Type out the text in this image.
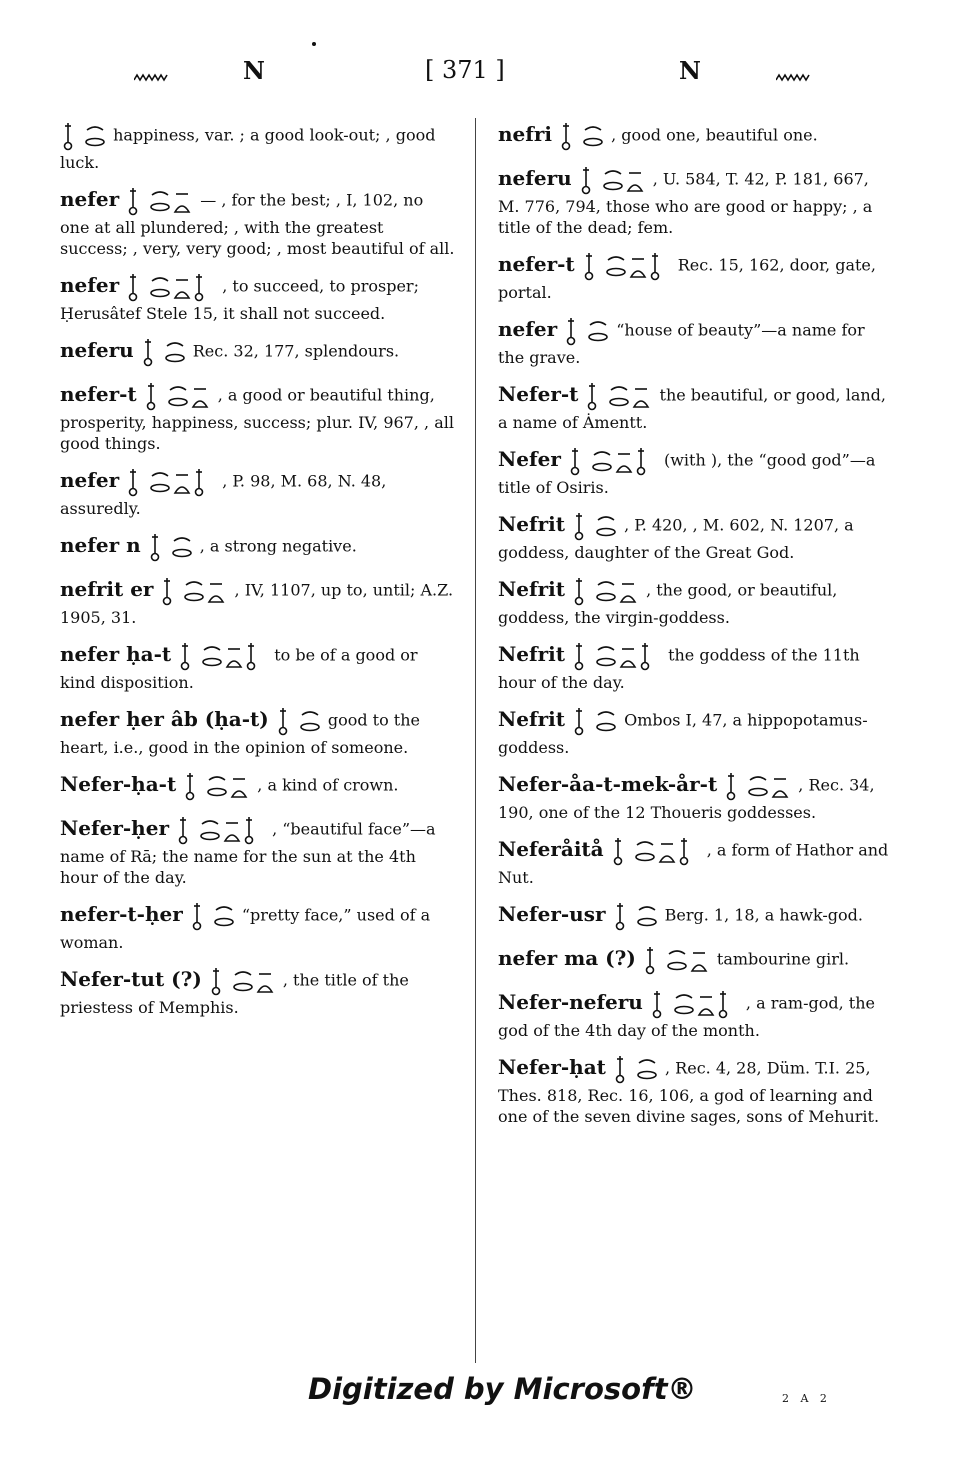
N	[ 371 ]	N
happiness, var. ; a good look-out; , good luck.
nefer	— , for the best; , I, 102, no one at all plundered; , with the greatest success; , very, very good; , most beautiful of all.
nefer	, to succeed, to prosper; Ḥerusâtef Stele 15, it shall not succeed.
neferu	Rec. 32, 177, splendours.
nefer-t	, a good or beautiful thing, prosperity, happiness, success; plur. IV, 967, , all good things.
nefer	, P. 98, M. 68, N. 48, assuredly.
nefer n	, a strong negative.
nefrit er	, IV, 1107, up to, until; A.Z. 1905, 31.
nefer ḥa-t	to be of a good or kind disposition.
nefer ḥer âb (ḥa-t)	good to the heart, i.e., good in the opinion of someone.
Nefer-ḥa-t	, a kind of crown.
Nefer-ḥer	, “beautiful face”—a name of Rā; the name for the sun at the 4th hour of the day.
nefer-t-ḥer	“pretty face,” used of a woman.
Nefer-tut (?)	, the title of the priestess of Memphis.
nefri	, good one, beautiful one.
neferu	, U. 584, T. 42, P. 181, 667, M. 776, 794, those who are good or happy; , a title of the dead; fem.
nefer-t	Rec. 15, 162, door, gate, portal.
nefer	“house of beauty”—a name for the grave.
Nefer-t	the beautiful, or good, land, a name of Ȧmentt.
Nefer	(with ), the “good god”—a title of Osiris.
Nefrit	, P. 420, , M. 602, N. 1207, a goddess, daughter of the Great God.
Nefrit	, the good, or beautiful, goddess, the virgin-goddess.
Nefrit	the goddess of the 11th hour of the day.
Nefrit	Ombos I, 47, a hippopotamus-goddess.
Nefer-åa-t-mek-år-t	, Rec. 34, 190, one of the 12 Thoueris goddesses.
Neferåitå	, a form of Hathor and Nut.
Nefer-usr	Berg. 1, 18, a hawk-god.
nefer ma (?)	tambourine girl.
Nefer-neferu	, a ram-god, the god of the 4th day of the month.
Nefer-ḥat	, Rec. 4, 28, Düm. T.I. 25, Thes. 818, Rec. 16, 106, a god of learning and one of the seven divine sages, sons of Mehurit.
Digitized by Microsoft®	2 A 2
